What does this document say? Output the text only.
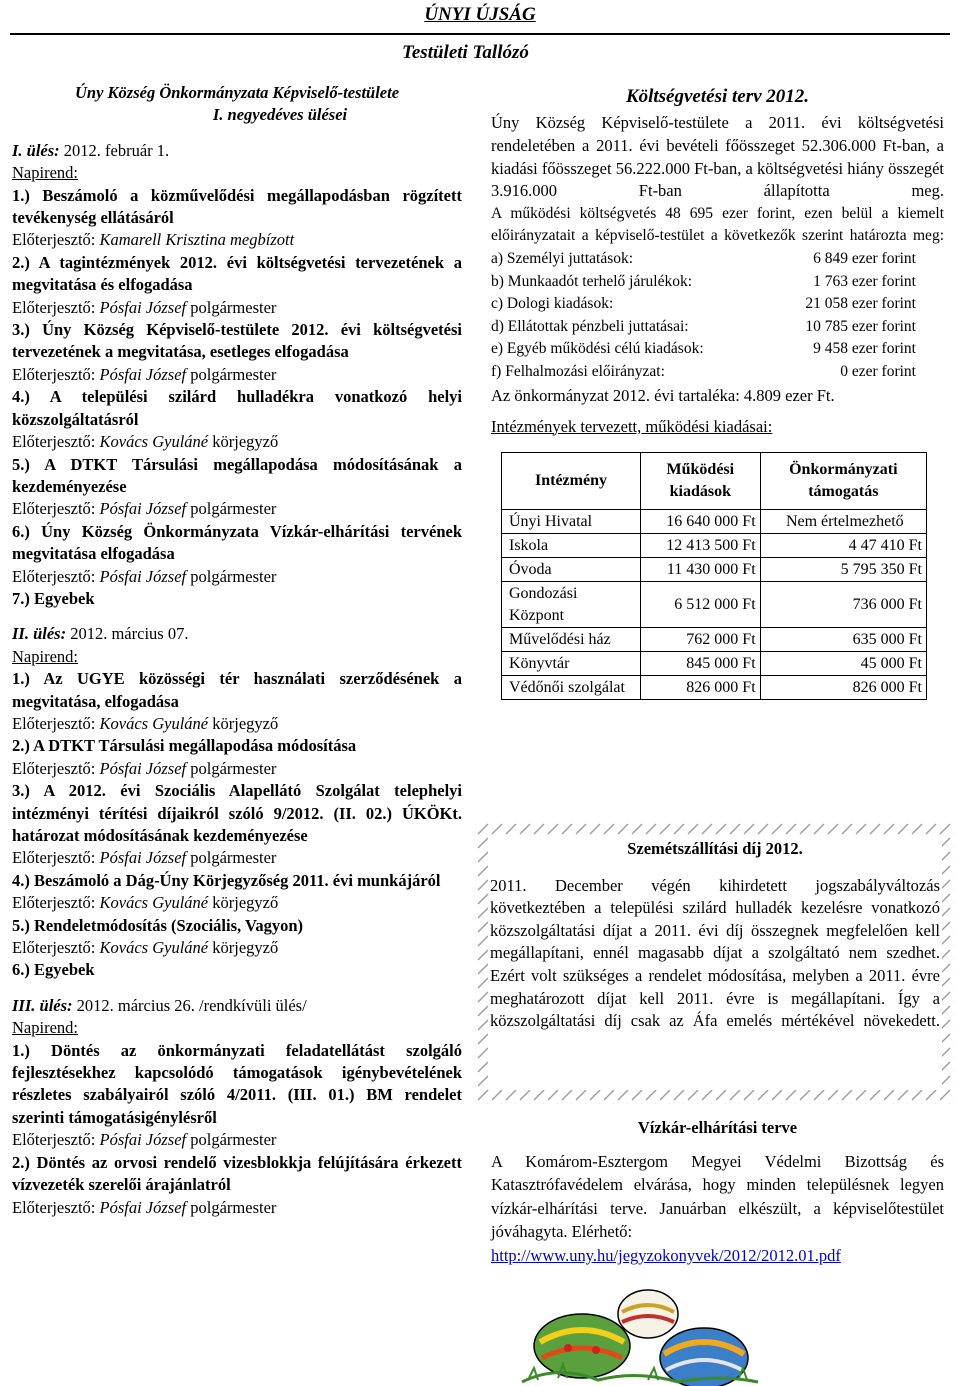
ÚNYI ÚJSÁG
Testületi Tallózó
Úny Község Önkormányzata Képviselő-testülete
I. negyedéves ülései

I. ülés: 2012. február 1.

Napirend:

1.) Beszámoló a közművelődési megállapodásban rögzített tevékenység ellátásáról

Előterjesztő: Kamarell Krisztina megbízott

2.) A tagintézmények 2012. évi költségvetési tervezetének a megvitatása és elfogadása

Előterjesztő: Pósfai József polgármester

3.) Úny Község Képviselő-testülete 2012. évi költségvetési tervezetének a megvitatása, esetleges elfogadása

Előterjesztő: Pósfai József polgármester

4.) A települési szilárd hulladékra vonatkozó helyi közszolgáltatásról

Előterjesztő: Kovács Gyuláné körjegyző

5.) A DTKT Társulási megállapodása módosításának a kezdeményezése

Előterjesztő: Pósfai József polgármester

6.) Úny Község Önkormányzata Vízkár-elhárítási tervének megvitatása elfogadása

Előterjesztő: Pósfai József polgármester

7.) Egyebek

II. ülés: 2012. március 07.

Napirend:

1.) Az UGYE közösségi tér használati szerződésének a megvitatása, elfogadása

Előterjesztő: Kovács Gyuláné körjegyző

2.) A DTKT Társulási megállapodása módosítása

Előterjesztő: Pósfai József polgármester

3.) A 2012. évi Szociális Alapellátó Szolgálat telephelyi intézményi térítési díjaikról szóló 9/2012. (II. 02.) ÚKÖKt. határozat módosításának kezdeményezése

Előterjesztő: Pósfai József polgármester

4.) Beszámoló a Dág-Úny Körjegyzőség 2011. évi munkájáról

Előterjesztő: Kovács Gyuláné körjegyző

5.) Rendeletmódosítás (Szociális, Vagyon)

Előterjesztő: Kovács Gyuláné körjegyző

6.) Egyebek

III. ülés: 2012. március 26. /rendkívüli ülés/

Napirend:

1.) Döntés az önkormányzati feladatellátást szolgáló fejlesztésekhez kapcsolódó támogatások igénybevételének részletes szabályairól szóló 4/2011. (III. 01.) BM rendelet szerinti támogatásigénylésről

Előterjesztő: Pósfai József polgármester

2.) Döntés az orvosi rendelő vizesblokkja felújítására érkezett vízvezeték szerelői árajánlatról

Előterjesztő: Pósfai József polgármester

Költségvetési terv 2012.

Úny Község Képviselő-testülete a 2011. évi költségvetési rendeletében a 2011. évi bevételi főösszeget 52.306.000 Ft-ban, a kiadási főösszeget 56.222.000 Ft-ban, a költségvetési hiány összegét 3.916.000 Ft-ban állapította meg.

A működési költségvetés 48 695 ezer forint, ezen belül a kiemelt előirányzatait a képviselő-testület a következők szerint határozta meg:

a) Személyi juttatások:	6 849 ezer forint
b) Munkaadót terhelő járulékok:	1 763 ezer forint
c) Dologi kiadások:	21 058 ezer forint
d) Ellátottak pénzbeli juttatásai:	10 785 ezer forint
e) Egyéb működési célú kiadások:	9 458 ezer forint
f) Felhalmozási előirányzat:	0 ezer forint

Az önkormányzat 2012. évi tartaléka: 4.809 ezer Ft.

Intézmények tervezett, működési kiadásai:

Intézmény	Működési kiadások	Önkormányzati támogatás
Únyi Hivatal	16 640 000 Ft	Nem értelmezhető
Iskola	12 413 500 Ft	4 47 410 Ft
Óvoda	11 430 000 Ft	5 795 350 Ft
Gondozási Központ	6 512 000 Ft	736 000 Ft
Művelődési ház	762 000 Ft	635 000 Ft
Könyvtár	845 000 Ft	45 000 Ft
Védőnői szolgálat	826 000 Ft	826 000 Ft
Szemétszállítási díj 2012.

2011. December végén kihirdetett jogszabályváltozás következtében a települési szilárd hulladék kezelésre vonatkozó közszolgáltatási díjat a 2011. évi díj összegnek megfelelően kell megállapítani, ennél magasabb díjat a szolgáltató nem szedhet. Ezért volt szükséges a rendelet módosítása, melyben a 2011. évre meghatározott díjat kell 2011. évre is megállapítani. Így a közszolgáltatási díj csak az Áfa emelés mértékével növekedett.

Vízkár-elhárítási terve

A Komárom-Esztergom Megyei Védelmi Bizottság és Katasztrófavédelem elvárása, hogy minden településnek legyen vízkár-elhárítási terve. Januárban elkészült, a képviselőtestület jóváhagyta. Elérhető:
http://www.uny.hu/jegyzokonyvek/2012/2012.01.pdf
